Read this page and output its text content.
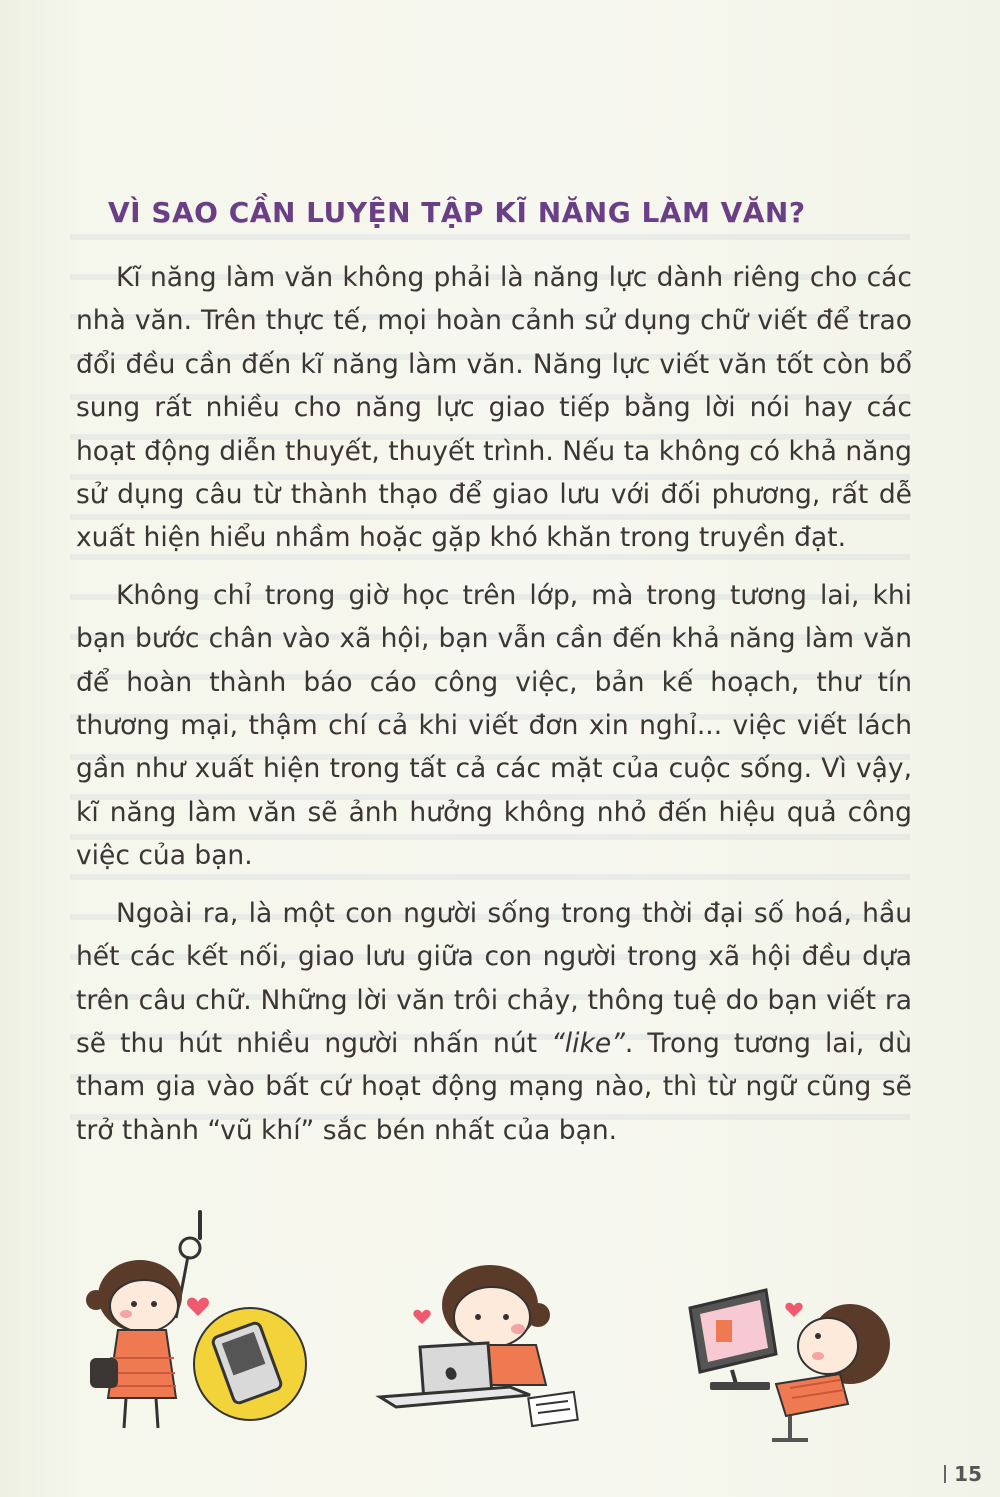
VÌ SAO CẦN LUYỆN TẬP KĨ NĂNG LÀM VĂN?

Kĩ năng làm văn không phải là năng lực dành riêng cho các nhà văn. Trên thực tế, mọi hoàn cảnh sử dụng chữ viết để trao đổi đều cần đến kĩ năng làm văn. Năng lực viết văn tốt còn bổ sung rất nhiều cho năng lực giao tiếp bằng lời nói hay các hoạt động diễn thuyết, thuyết trình. Nếu ta không có khả năng sử dụng câu từ thành thạo để giao lưu với đối phương, rất dễ xuất hiện hiểu nhầm hoặc gặp khó khăn trong truyền đạt.

Không chỉ trong giờ học trên lớp, mà trong tương lai, khi bạn bước chân vào xã hội, bạn vẫn cần đến khả năng làm văn để hoàn thành báo cáo công việc, bản kế hoạch, thư tín thương mại, thậm chí cả khi viết đơn xin nghỉ... việc viết lách gần như xuất hiện trong tất cả các mặt của cuộc sống. Vì vậy, kĩ năng làm văn sẽ ảnh hưởng không nhỏ đến hiệu quả công việc của bạn.

Ngoài ra, là một con người sống trong thời đại số hoá, hầu hết các kết nối, giao lưu giữa con người trong xã hội đều dựa trên câu chữ. Những lời văn trôi chảy, thông tuệ do bạn viết ra sẽ thu hút nhiều người nhấn nút “like”. Trong tương lai, dù tham gia vào bất cứ hoạt động mạng nào, thì từ ngữ cũng sẽ trở thành “vũ khí” sắc bén nhất của bạn.

15
